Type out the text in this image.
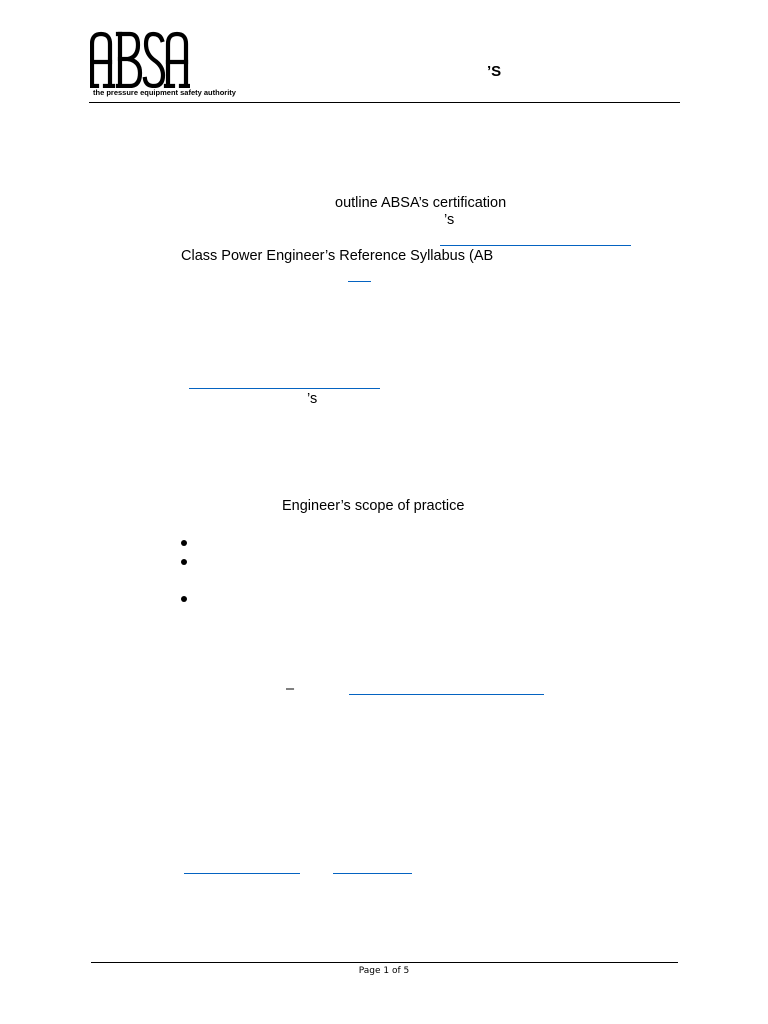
the pressure equipment safety authority
’S
outline ABSA’s certification
’s
Class Power Engineer’s Reference Syllabus (AB
’s
Engineer’s scope of practice
–
Page 1 of 5
